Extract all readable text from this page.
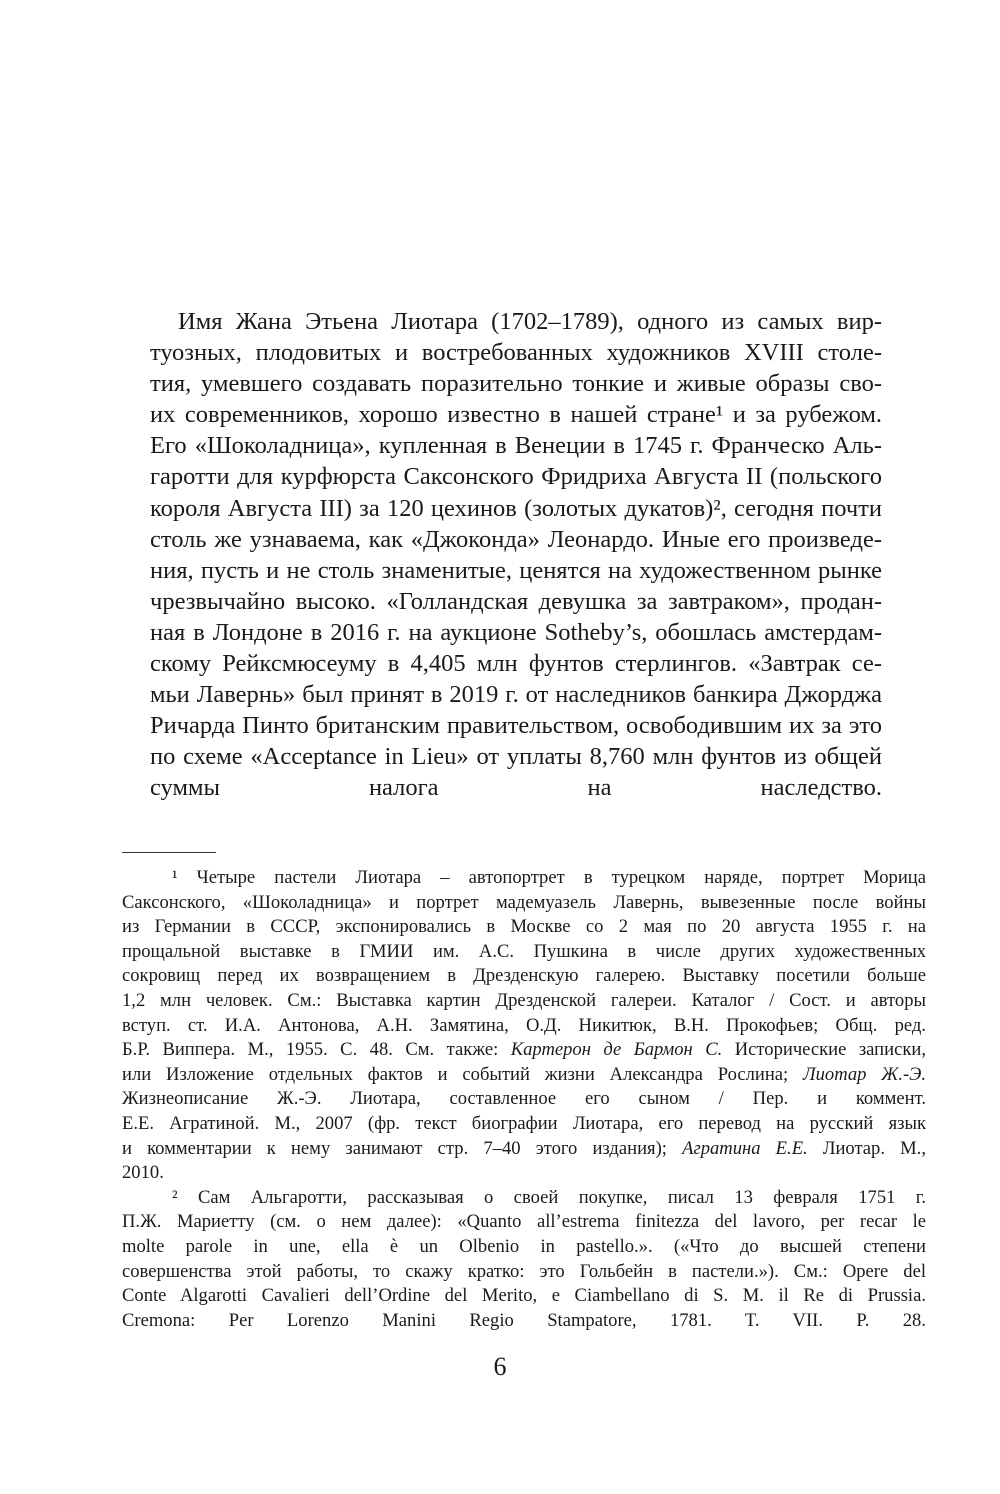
Имя Жана Этьена Лиотара (1702–1789), одного из самых вир-
туозных, плодовитых и востребованных художников XVIII столе-
тия, умевшего создавать поразительно тонкие и живые образы сво-
их современников, хорошо известно в нашей стране¹ и за рубежом.
Его «Шоколадница», купленная в Венеции в 1745 г. Франческо Аль-
гаротти для курфюрста Саксонского Фридриха Августа II (польского
короля Августа III) за 120 цехинов (золотых дукатов)², сегодня почти
столь же узнаваема, как «Джоконда» Леонардо. Иные его произведе-
ния, пусть и не столь знаменитые, ценятся на художественном рынке
чрезвычайно высоко. «Голландская девушка за завтраком», продан-
ная в Лондоне в 2016 г. на аукционе Sotheby’s, обошлась амстердам-
скому Рейксмюсеуму в 4,405 млн фунтов стерлингов. «Завтрак се-
мьи Лавернь» был принят в 2019 г. от наследников банкира Джорджа
Ричарда Пинто британским правительством, освободившим их за это
по схеме «Acceptance in Lieu» от уплаты 8,760 млн фунтов из общей
суммы налога на наследство.
¹ Четыре пастели Лиотара – автопортрет в турецком наряде, портрет Морица
Саксонского, «Шоколадница» и портрет мадемуазель Лавернь, вывезенные после войны
из Германии в СССР, экспонировались в Москве со 2 мая по 20 августа 1955 г. на
прощальной выставке в ГМИИ им. А.С. Пушкина в числе других художественных
сокровищ перед их возвращением в Дрезденскую галерею. Выставку посетили больше
1,2 млн человек. См.: Выставка картин Дрезденской галереи. Каталог / Сост. и авторы
вступ. ст. И.А. Антонова, А.Н. Замятина, О.Д. Никитюк, В.Н. Прокофьев; Общ. ред.
Б.Р. Виппера. М., 1955. С. 48. См. также: Картерон де Бармон С. Исторические записки,
или Изложение отдельных фактов и событий жизни Александра Рослина; Лиотар Ж.-Э.
Жизнеописание Ж.-Э. Лиотара, составленное его сыном / Пер. и коммент.
Е.Е. Агратиной. М., 2007 (фр. текст биографии Лиотара, его перевод на русский язык
и комментарии к нему занимают стр. 7–40 этого издания); Агратина Е.Е. Лиотар. М.,
2010.
² Сам Альгаротти, рассказывая о своей покупке, писал 13 февраля 1751 г.
П.Ж. Мариетту (см. о нем далее): «Quanto all’estrema finitezza del lavoro, per recar le
molte parole in une, ella è un Olbenio in pastello.». («Что до высшей степени
совершенства этой работы, то скажу кратко: это Гольбейн в пастели.»). См.: Opere del
Conte Algarotti Cavalieri dell’Ordine del Merito, e Ciambellano di S. M. il Re di Prussia.
Cremona: Per Lorenzo Manini Regio Stampatore, 1781. T. VII. P. 28.
6
